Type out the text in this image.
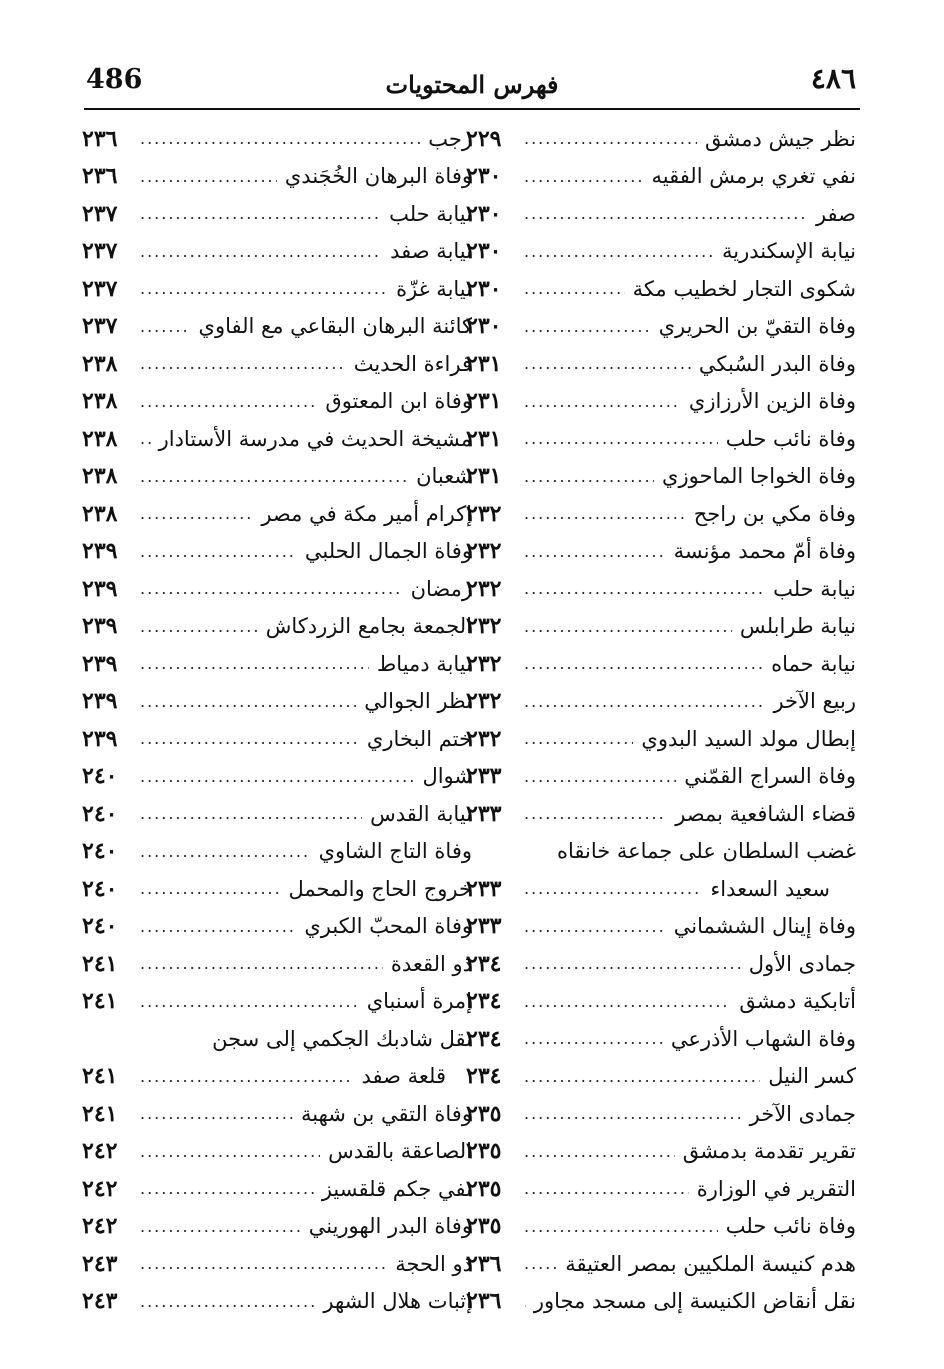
486	فهرس المحتويات	٤٨٦
نظر جيش دمشق
.....
٢٢٩
نفي تغري برمش الفقيه
.....
٢٣٠
صفر
.....
٢٣٠
نيابة الإسكندرية
.....
٢٣٠
شكوى التجار لخطيب مكة
.....
٢٣٠
وفاة التقيّ بن الحريري
.....
٢٣٠
وفاة البدر السُبكي
.....
٢٣١
وفاة الزين الأرزازي
.....
٢٣١
وفاة نائب حلب
.....
٢٣١
وفاة الخواجا الماحوزي
.....
٢٣١
وفاة مكي بن راجح
.....
٢٣٢
وفاة أمّ محمد مؤنسة
.....
٢٣٢
نيابة حلب
.....
٢٣٢
نيابة طرابلس
.....
٢٣٢
نيابة حماه
.....
٢٣٢
ربيع الآخر
.....
٢٣٢
إبطال مولد السيد البدوي
.....
٢٣٢
وفاة السراج القمّني
.....
٢٣٣
قضاء الشافعية بمصر
.....
٢٣٣
غضب السلطان على جماعة خانقاه
سعيد السعداء
.....
٢٣٣
وفاة إينال الششماني
.....
٢٣٣
جمادى الأول
.....
٢٣٤
أتابكية دمشق
.....
٢٣٤
وفاة الشهاب الأذرعي
.....
٢٣٤
كسر النيل
.....
٢٣٤
جمادى الآخر
.....
٢٣٥
تقرير تقدمة بدمشق
.....
٢٣٥
التقرير في الوزارة
.....
٢٣٥
وفاة نائب حلب
.....
٢٣٥
هدم كنيسة الملكيين بمصر العتيقة
.....
٢٣٦
نقل أنقاض الكنيسة إلى مسجد مجاور
.....
٢٣٦
رجب
.....
٢٣٦
وفاة البرهان الخُجَندي
.....
٢٣٦
نيابة حلب
.....
٢٣٧
نيابة صفد
.....
٢٣٧
نيابة غزّة
.....
٢٣٧
كائنة البرهان البقاعي مع الفاوي
.....
٢٣٧
قراءة الحديث
.....
٢٣٨
وفاة ابن المعتوق
.....
٢٣٨
مشيخة الحديث في مدرسة الأستادار
.....
٢٣٨
شعبان
.....
٢٣٨
إكرام أمير مكة في مصر
.....
٢٣٨
وفاة الجمال الحلبي
.....
٢٣٩
رمضان
.....
٢٣٩
الجمعة بجامع الزردكاش
.....
٢٣٩
نيابة دمياط
.....
٢٣٩
نظر الجوالي
.....
٢٣٩
ختم البخاري
.....
٢٣٩
شوال
.....
٢٤٠
نيابة القدس
.....
٢٤٠
وفاة التاج الشاوي
.....
٢٤٠
خروج الحاج والمحمل
.....
٢٤٠
وفاة المحبّ الكبري
.....
٢٤٠
ذو القعدة
.....
٢٤١
إمرة أسنباي
.....
٢٤١
نقل شادبك الجكمي إلى سجن
قلعة صفد
.....
٢٤١
وفاة التقي بن شهبة
.....
٢٤١
الصاعقة بالقدس
.....
٢٤٢
نفي جكم قلقسيز
.....
٢٤٢
وفاة البدر الهوريني
.....
٢٤٢
ذو الحجة
.....
٢٤٣
إثبات هلال الشهر
.....
٢٤٣
